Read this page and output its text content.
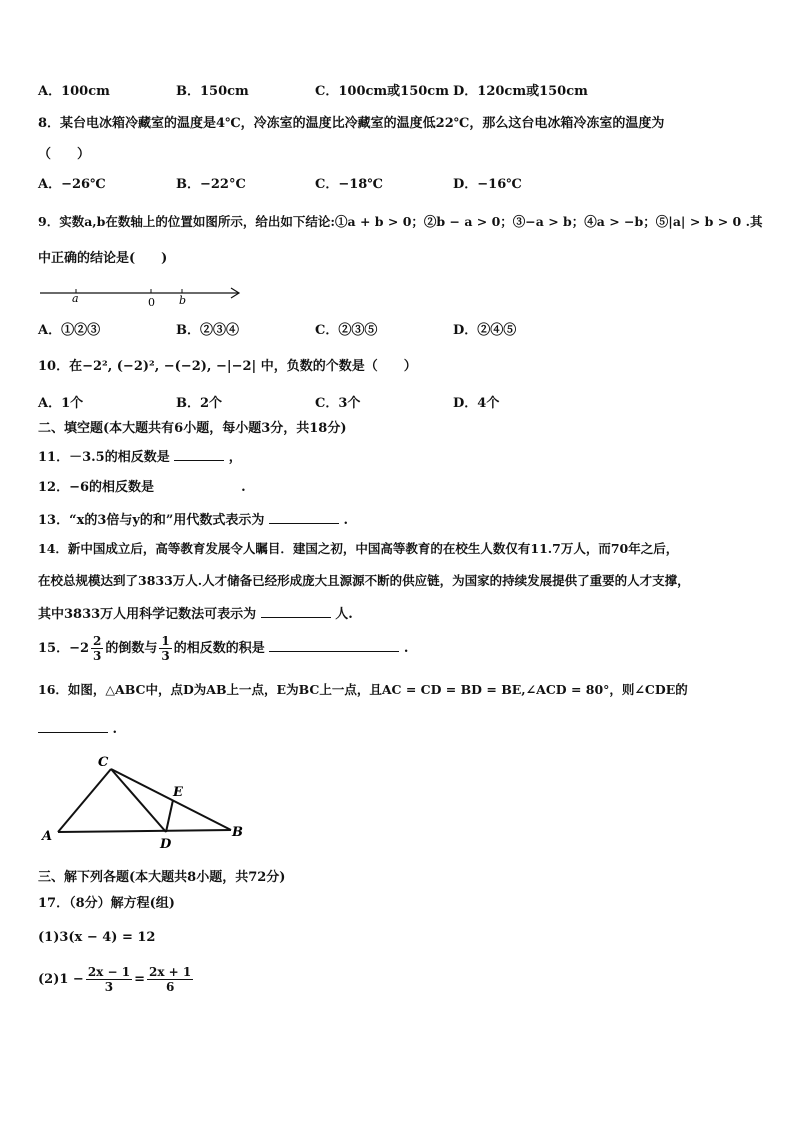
A．100cm	B．150cm	C．100cm或150cm D．120cm或150cm
8．某台电冰箱冷藏室的温度是4℃，冷冻室的温度比冷藏室的温度低22℃，那么这台电冰箱冷冻室的温度为
（　　）
A．−26℃	B．−22°C	C．−18℃	D．−16℃
9．实数a,b在数轴上的位置如图所示，给出如下结论:①a + b > 0；②b − a > 0；③−a > b；④a > −b；⑤|a| > b > 0 .其
中正确的结论是(　　)
a	0 b
A．①②③	B．②③④	C．②③⑤	D．②④⑤
10．在−2², (−2)², −(−2), −|−2| 中，负数的个数是（　　）
A．1个	B．2个	C．3个	D．4个
二、填空题(本大题共有6小题，每小题3分，共18分)
11．－3.5的相反数是	，
12．−6的相反数是	.
13．“x的3倍与y的和”用代数式表示为	.
14．新中国成立后，高等教育发展令人瞩目．建国之初，中国高等教育的在校生人数仅有11.7万人，而70年之后，
在校总规模达到了3833万人.人才储备已经形成庞大且源源不断的供应链，为国家的持续发展提供了重要的人才支撑，
其中3833万人用科学记数法可表示为	人.
15．$-2 \frac{2}{3}$ 的倒数与 $\frac{1}{3}$ 的相反数的积是	.
16．如图，△ABC中，点D为AB上一点，E为BC上一点，且AC = CD = BD = BE,∠ACD = 80°，则∠CDE的
.
C
E
A
D
B
三、解下列各题(本大题共8小题，共72分)
17．（8分）解方程(组)
(1)3(x − 4) = 12
$(2)1 - \frac{2x - 1}{3} = \frac{2x + 1}{6}$
